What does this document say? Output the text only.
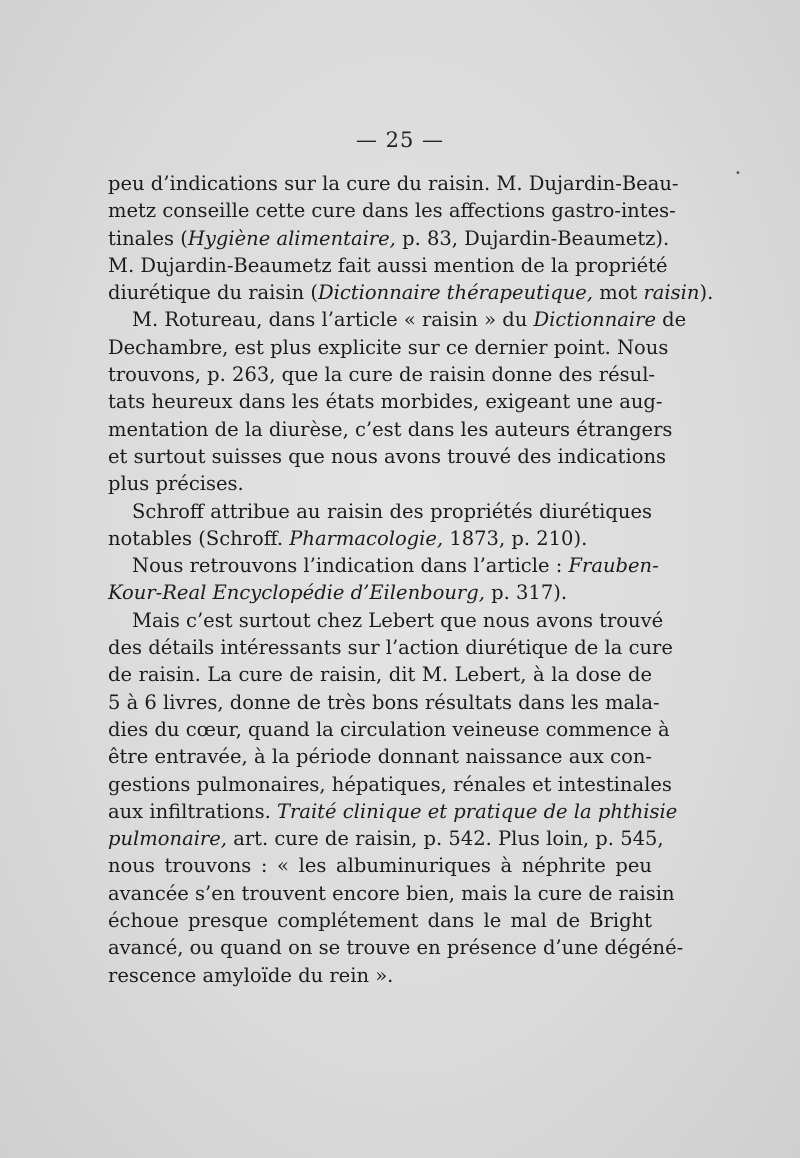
— 25 —
•
peu d’indications sur la cure du raisin. M. Dujardin-Beau-
metz conseille cette cure dans les affections gastro-intes-
tinales (Hygiène alimentaire, p. 83, Dujardin-Beaumetz).
M. Dujardin-Beaumetz fait aussi mention de la propriété
diurétique du raisin (Dictionnaire thérapeutique, mot raisin).
M. Rotureau, dans l’article « raisin » du Dictionnaire de
Dechambre, est plus explicite sur ce dernier point. Nous
trouvons, p. 263, que la cure de raisin donne des résul-
tats heureux dans les états morbides, exigeant une aug-
mentation de la diurèse, c’est dans les auteurs étrangers
et surtout suisses que nous avons trouvé des indications
plus précises.
Schroff attribue au raisin des propriétés diurétiques
notables (Schroff. Pharmacologie, 1873, p. 210).
Nous retrouvons l’indication dans l’article : Frauben-
Kour-Real Encyclopédie d’Eilenbourg, p. 317).
Mais c’est surtout chez Lebert que nous avons trouvé
des détails intéressants sur l’action diurétique de la cure
de raisin. La cure de raisin, dit M. Lebert, à la dose de
5 à 6 livres, donne de très bons résultats dans les mala-
dies du cœur, quand la circulation veineuse commence à
être entravée, à la période donnant naissance aux con-
gestions pulmonaires, hépatiques, rénales et intestinales
aux infiltrations. Traité clinique et pratique de la phthisie
pulmonaire, art. cure de raisin, p. 542. Plus loin, p. 545,
nous trouvons : « les albuminuriques à néphrite peu
avancée s’en trouvent encore bien, mais la cure de raisin
échoue presque complétement dans le mal de Bright
avancé, ou quand on se trouve en présence d’une dégéné-
rescence amyloïde du rein ».
